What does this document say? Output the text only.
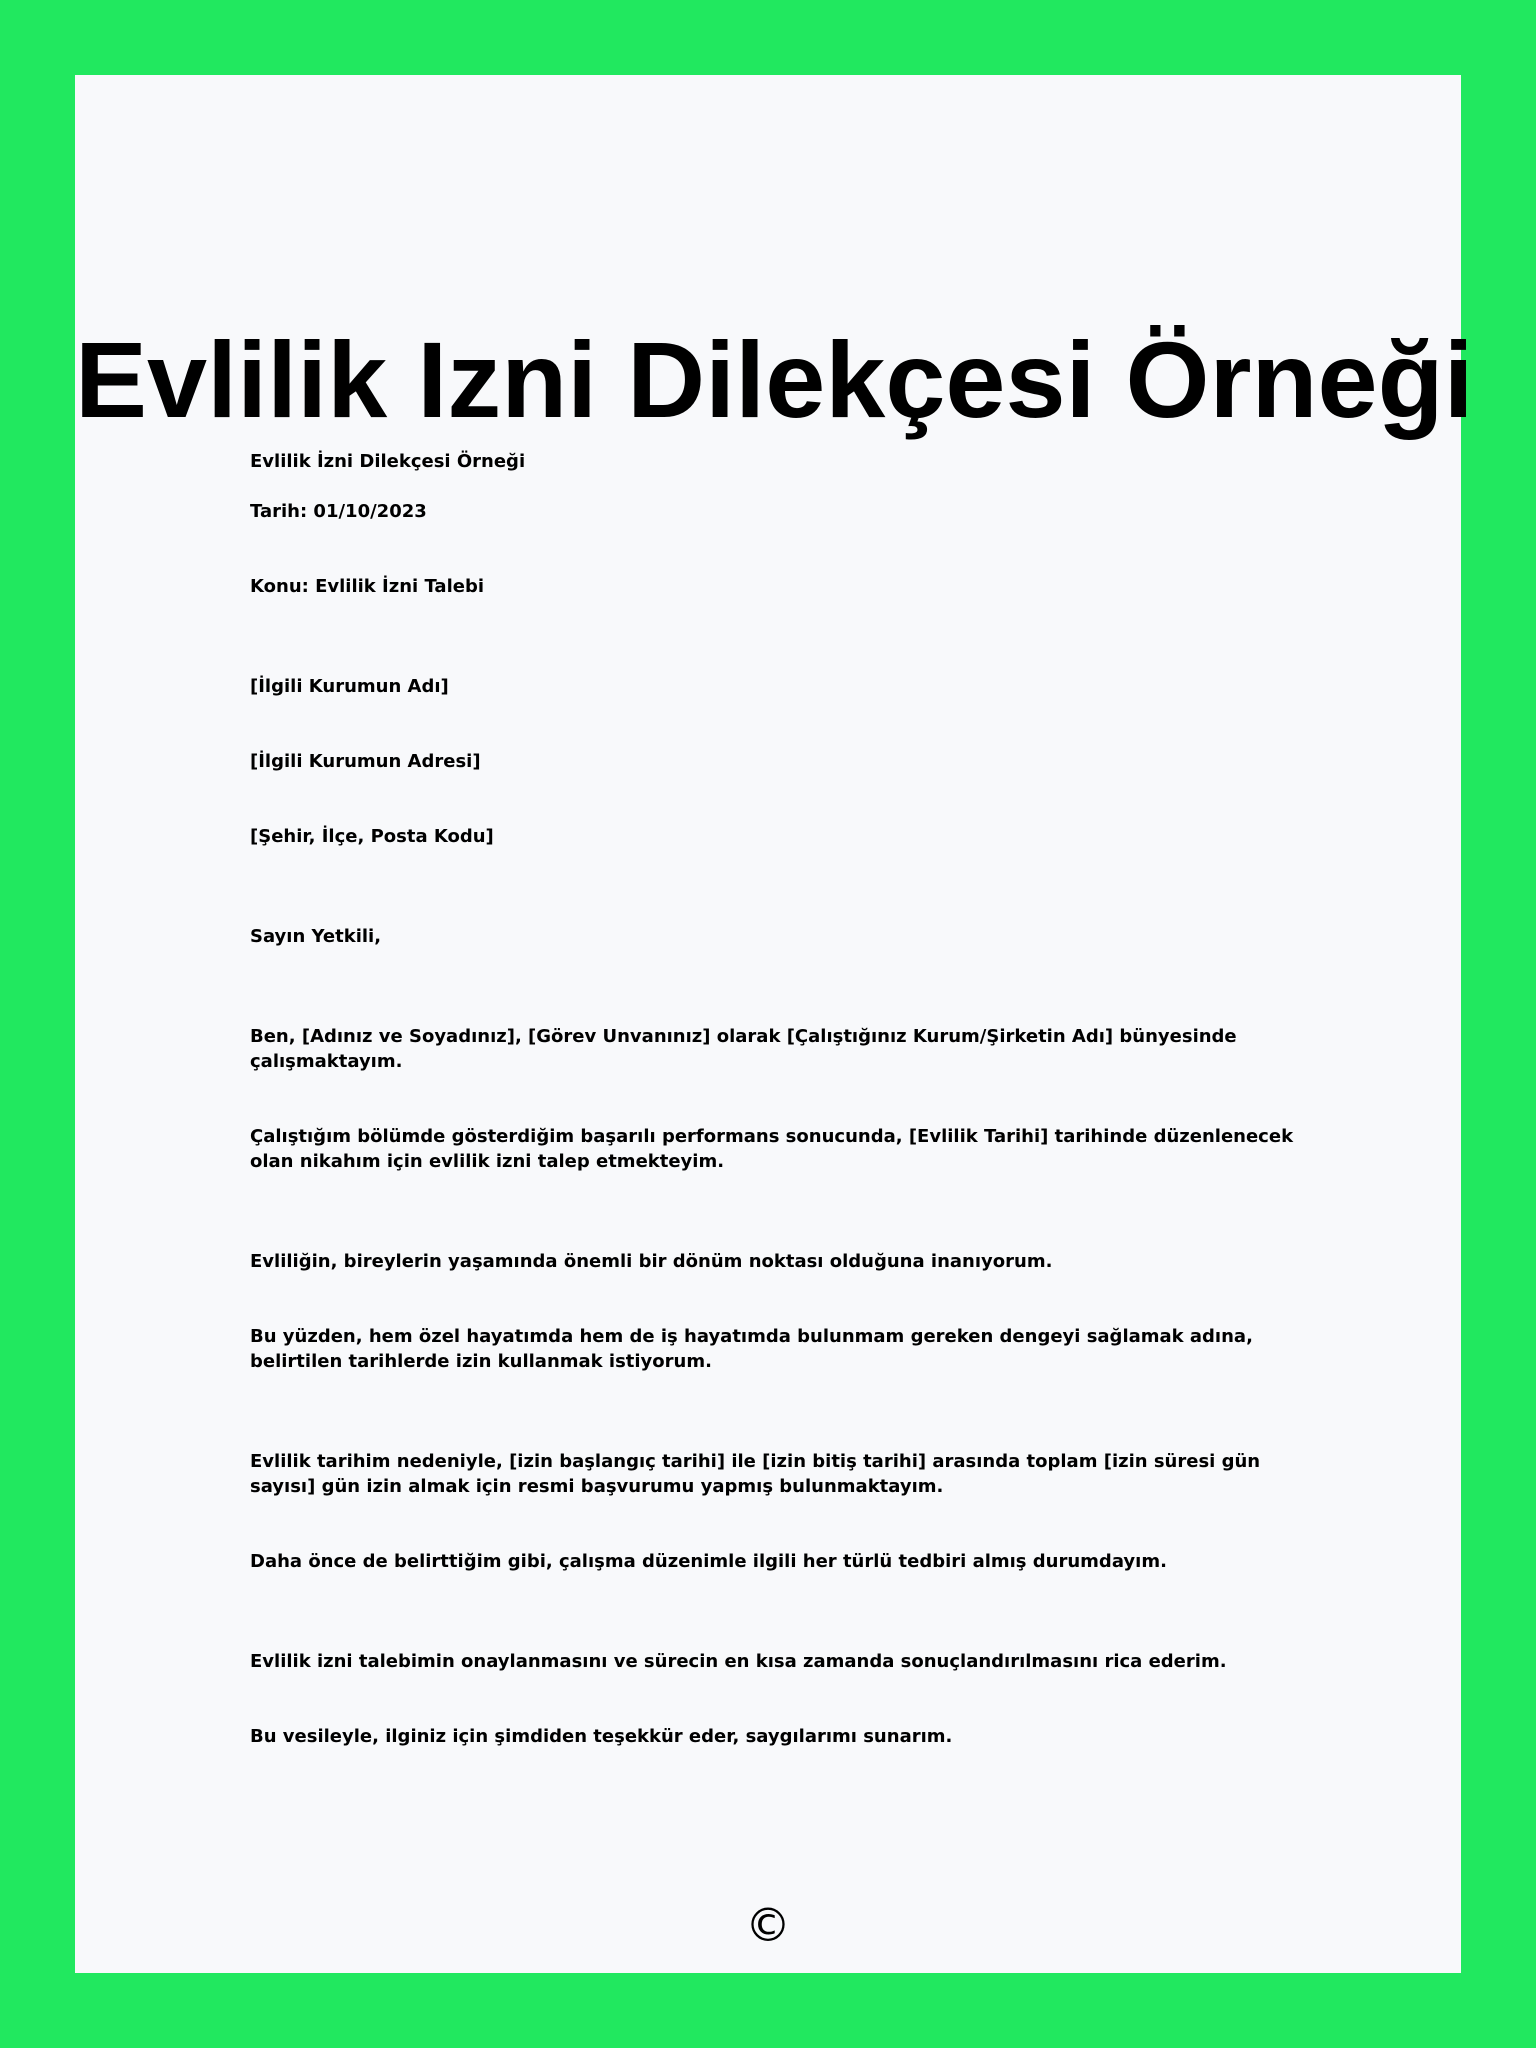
Evlilik Izni Dilekçesi Örneği

Evlilik İzni Dilekçesi Örneği

Tarih: 01/10/2023

Konu: Evlilik İzni Talebi

[İlgili Kurumun Adı]

[İlgili Kurumun Adresi]

[Şehir, İlçe, Posta Kodu]

Sayın Yetkili,

Ben, [Adınız ve Soyadınız], [Görev Unvanınız] olarak [Çalıştığınız Kurum/Şirketin Adı] bünyesinde çalışmaktayım.

Çalıştığım bölümde gösterdiğim başarılı performans sonucunda, [Evlilik Tarihi] tarihinde düzenlenecek olan nikahım için evlilik izni talep etmekteyim.

Evliliğin, bireylerin yaşamında önemli bir dönüm noktası olduğuna inanıyorum.

Bu yüzden, hem özel hayatımda hem de iş hayatımda bulunmam gereken dengeyi sağlamak adına, belirtilen tarihlerde izin kullanmak istiyorum.

Evlilik tarihim nedeniyle, [izin başlangıç tarihi] ile [izin bitiş tarihi] arasında toplam [izin süresi gün sayısı] gün izin almak için resmi başvurumu yapmış bulunmaktayım.

Daha önce de belirttiğim gibi, çalışma düzenimle ilgili her türlü tedbiri almış durumdayım.

Evlilik izni talebimin onaylanmasını ve sürecin en kısa zamanda sonuçlandırılmasını rica ederim.

Bu vesileyle, ilginiz için şimdiden teşekkür eder, saygılarımı sunarım.

©
